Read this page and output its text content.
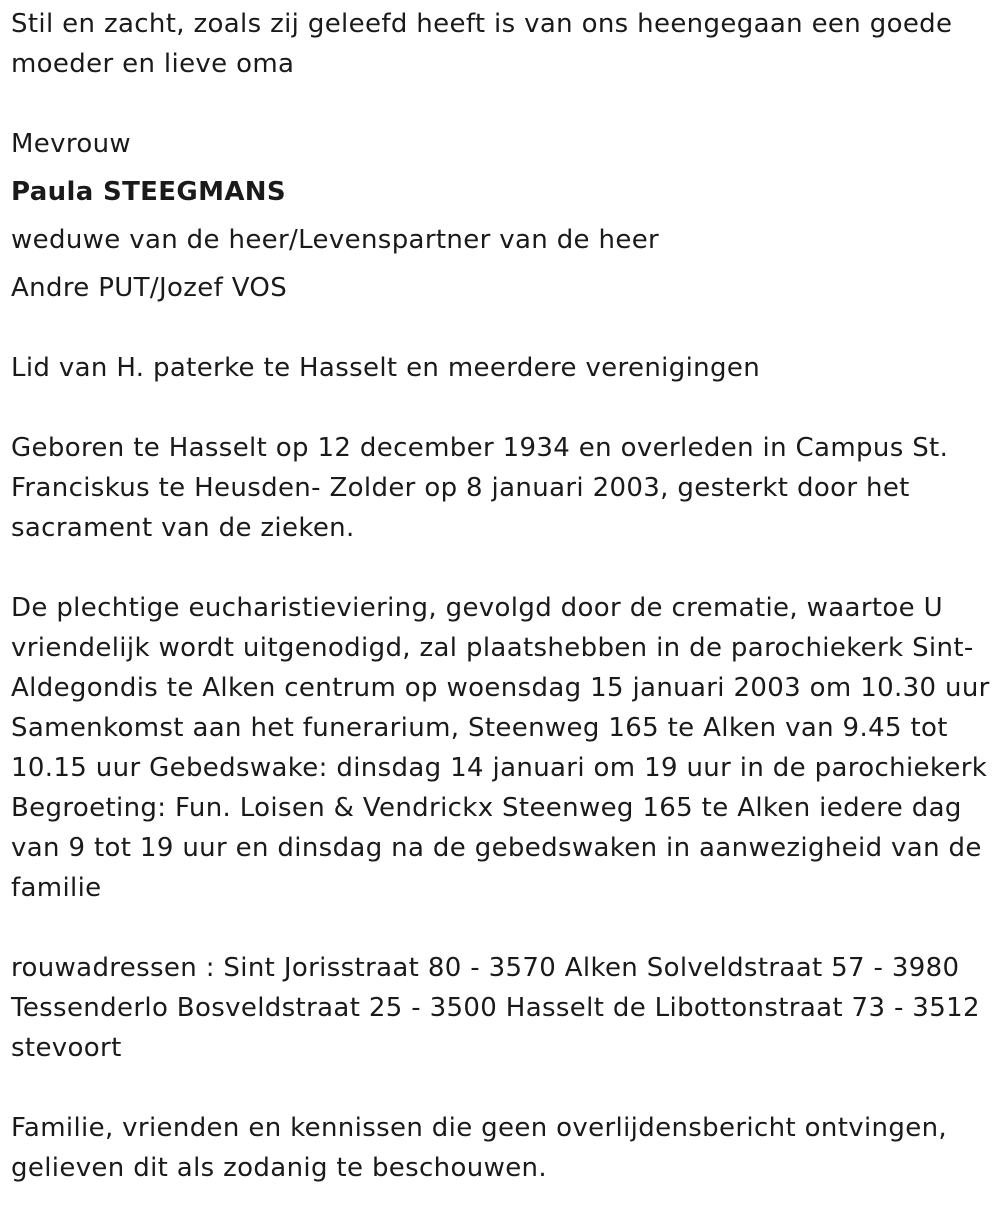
Stil en zacht, zoals zij geleefd heeft is van ons heengegaan een goede
moeder en lieve oma
Mevrouw
Paula STEEGMANS
weduwe van de heer/Levenspartner van de heer
Andre PUT/Jozef VOS
Lid van H. paterke te Hasselt en meerdere verenigingen
Geboren te Hasselt op 12 december 1934 en overleden in Campus St.
Franciskus te Heusden- Zolder op 8 januari 2003, gesterkt door het
sacrament van de zieken.
De plechtige eucharistieviering, gevolgd door de crematie, waartoe U
vriendelijk wordt uitgenodigd, zal plaatshebben in de parochiekerk Sint-
Aldegondis te Alken centrum op woensdag 15 januari 2003 om 10.30 uur
Samenkomst aan het funerarium, Steenweg 165 te Alken van 9.45 tot
10.15 uur Gebedswake: dinsdag 14 januari om 19 uur in de parochiekerk
Begroeting: Fun. Loisen & Vendrickx Steenweg 165 te Alken iedere dag
van 9 tot 19 uur en dinsdag na de gebedswaken in aanwezigheid van de
familie
rouwadressen : Sint Jorisstraat 80 - 3570 Alken Solveldstraat 57 - 3980
Tessenderlo Bosveldstraat 25 - 3500 Hasselt de Libottonstraat 73 - 3512
stevoort
Familie, vrienden en kennissen die geen overlijdensbericht ontvingen,
gelieven dit als zodanig te beschouwen.
